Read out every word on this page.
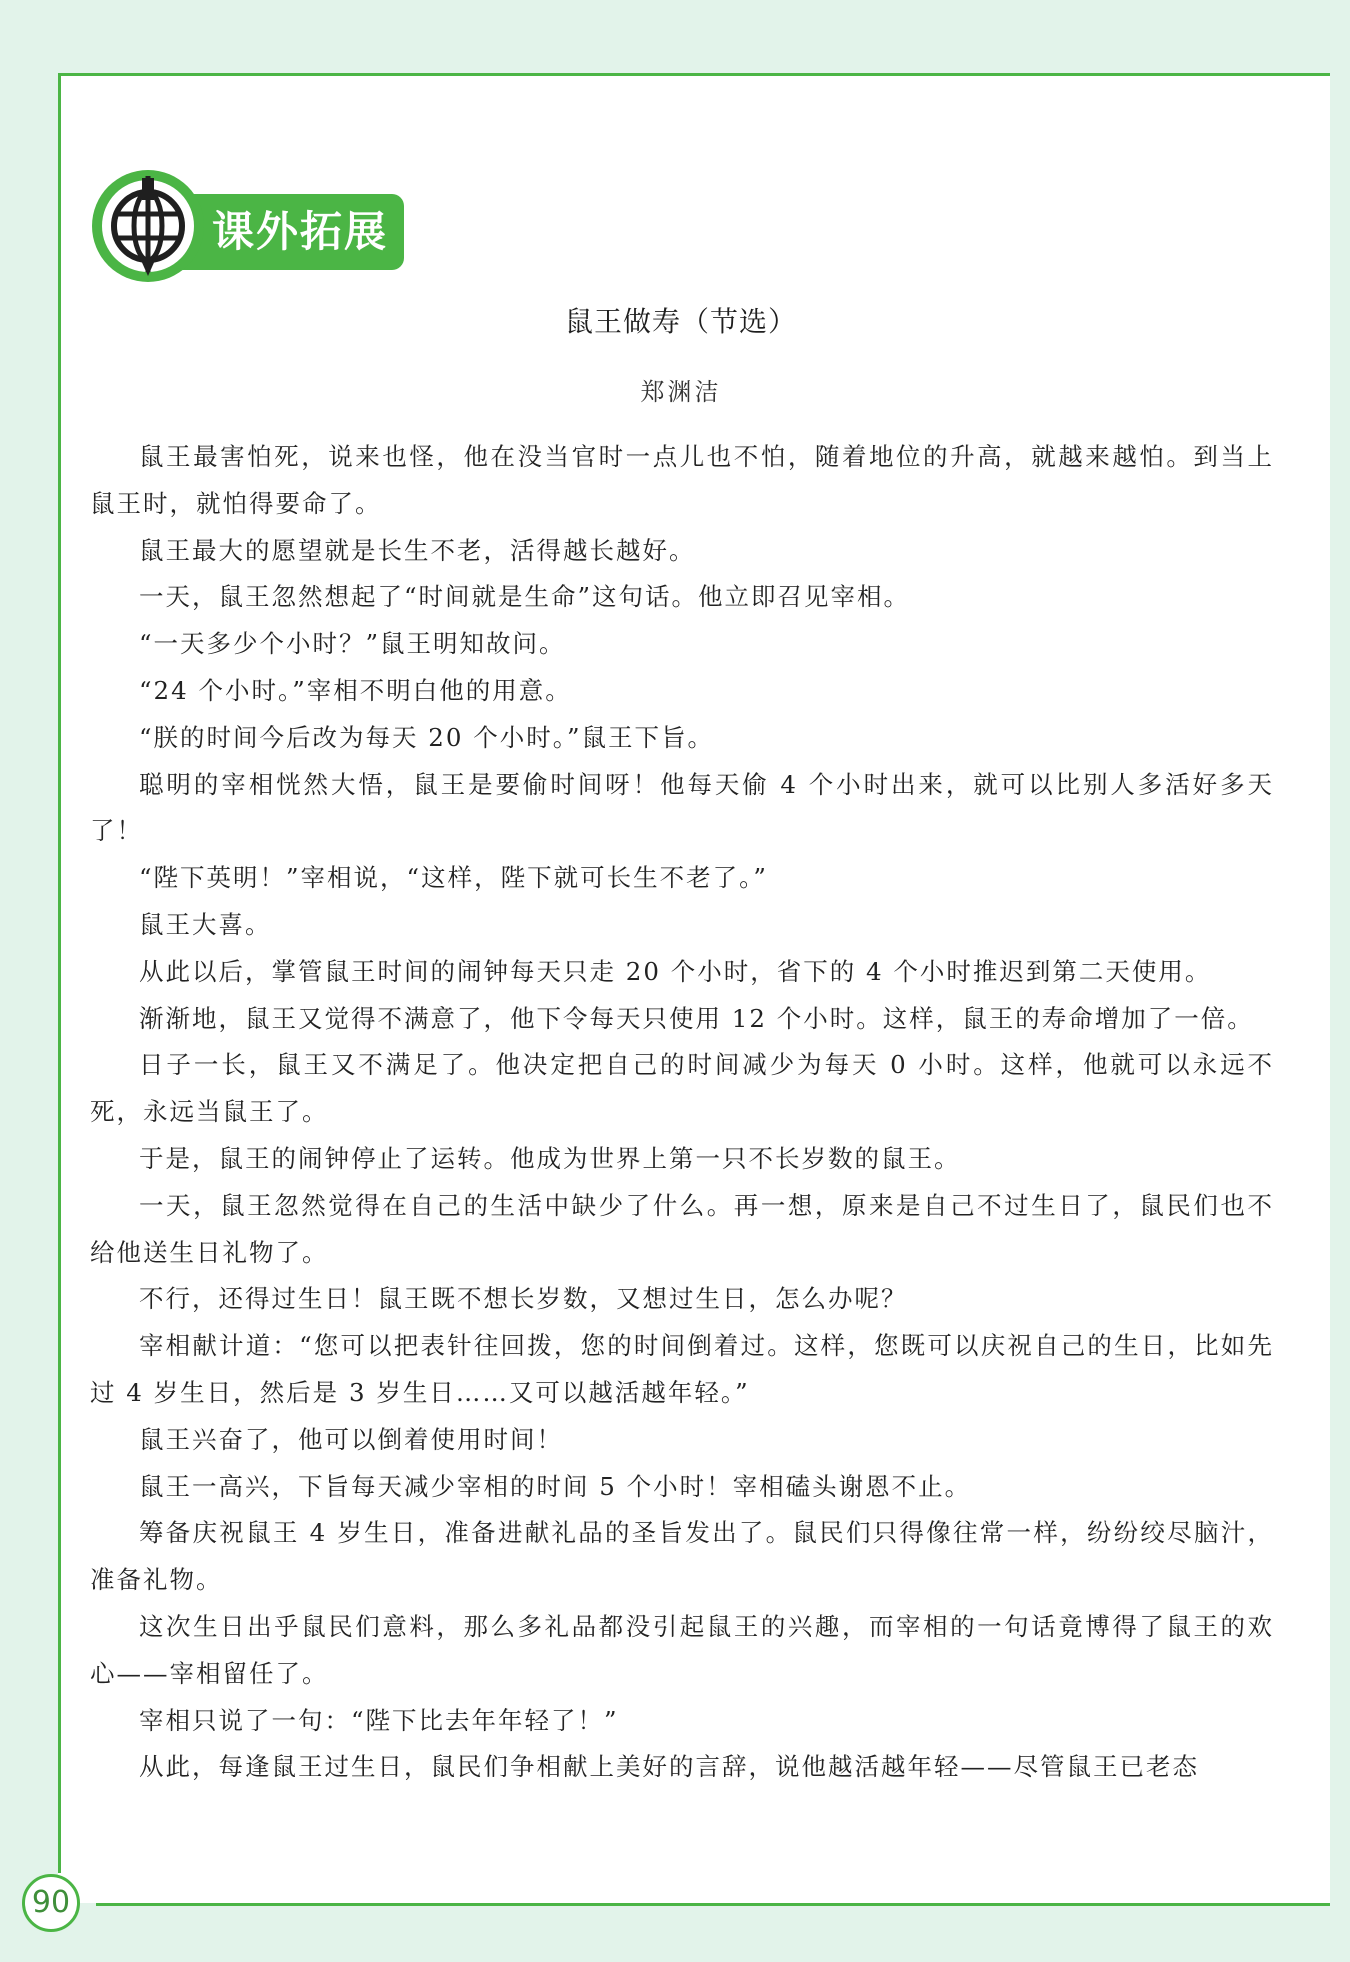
课外拓展
鼠王做寿（节选）
郑渊洁

鼠王最害怕死，说来也怪，他在没当官时一点儿也不怕，随着地位的升高，就越来越怕。到当上鼠王时，就怕得要命了。

鼠王最大的愿望就是长生不老，活得越长越好。

一天，鼠王忽然想起了“时间就是生命”这句话。他立即召见宰相。

“一天多少个小时？”鼠王明知故问。

“24 个小时。”宰相不明白他的用意。

“朕的时间今后改为每天 20 个小时。”鼠王下旨。

聪明的宰相恍然大悟，鼠王是要偷时间呀！他每天偷 4 个小时出来，就可以比别人多活好多天了！

“陛下英明！”宰相说，“这样，陛下就可长生不老了。”

鼠王大喜。

从此以后，掌管鼠王时间的闹钟每天只走 20 个小时，省下的 4 个小时推迟到第二天使用。

渐渐地，鼠王又觉得不满意了，他下令每天只使用 12 个小时。这样，鼠王的寿命增加了一倍。

日子一长，鼠王又不满足了。他决定把自己的时间减少为每天 0 小时。这样，他就可以永远不死，永远当鼠王了。

于是，鼠王的闹钟停止了运转。他成为世界上第一只不长岁数的鼠王。

一天，鼠王忽然觉得在自己的生活中缺少了什么。再一想，原来是自己不过生日了，鼠民们也不给他送生日礼物了。

不行，还得过生日！鼠王既不想长岁数，又想过生日，怎么办呢？

宰相献计道：“您可以把表针往回拨，您的时间倒着过。这样，您既可以庆祝自己的生日，比如先过 4 岁生日，然后是 3 岁生日……又可以越活越年轻。”

鼠王兴奋了，他可以倒着使用时间！

鼠王一高兴，下旨每天减少宰相的时间 5 个小时！宰相磕头谢恩不止。

筹备庆祝鼠王 4 岁生日，准备进献礼品的圣旨发出了。鼠民们只得像往常一样，纷纷绞尽脑汁，准备礼物。

这次生日出乎鼠民们意料，那么多礼品都没引起鼠王的兴趣，而宰相的一句话竟博得了鼠王的欢心——宰相留任了。

宰相只说了一句：“陛下比去年年轻了！”

从此，每逢鼠王过生日，鼠民们争相献上美好的言辞，说他越活越年轻——尽管鼠王已老态

90
